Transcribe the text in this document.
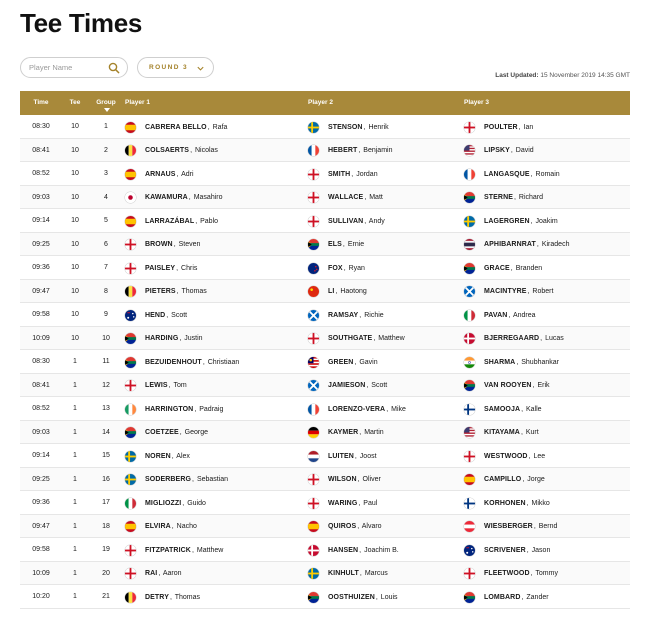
Tee Times
Player Name
ROUND 3
Last Updated: 15 November 2019 14:35 GMT
Time	Tee	Group Player 1	Player 2	Player 3
08:30	10	1	CABRERA BELLO, Rafa	STENSON, Henrik	POULTER, Ian
08:41	10	2	COLSAERTS, Nicolas	HEBERT, Benjamin	LIPSKY, David
08:52	10	3	ARNAUS, Adri	SMITH, Jordan	LANGASQUE, Romain
09:03	10	4	KAWAMURA, Masahiro	WALLACE, Matt	STERNE, Richard
09:14	10	5	LARRAZÁBAL, Pablo	SULLIVAN, Andy	LAGERGREN, Joakim
09:25	10	6	BROWN, Steven	ELS, Ernie	APHIBARNRAT, Kiradech
09:36	10	7	PAISLEY, Chris	FOX, Ryan	GRACE, Branden
09:47	10	8	PIETERS, Thomas	LI, Haotong	MACINTYRE, Robert
09:58	10	9	HEND, Scott	RAMSAY, Richie	PAVAN, Andrea
10:09	10	10	HARDING, Justin	SOUTHGATE, Matthew	BJERREGAARD, Lucas
08:30	1	11	BEZUIDENHOUT, Christiaan	GREEN, Gavin	SHARMA, Shubhankar
08:41	1	12	LEWIS, Tom	JAMIESON, Scott	VAN ROOYEN, Erik
08:52	1	13	HARRINGTON, Padraig	LORENZO-VERA, Mike	SAMOOJA, Kalle
09:03	1	14	COETZEE, George	KAYMER, Martin	KITAYAMA, Kurt
09:14	1	15	NOREN, Alex	LUITEN, Joost	WESTWOOD, Lee
09:25	1	16	SODERBERG, Sebastian	WILSON, Oliver	CAMPILLO, Jorge
09:36	1	17	MIGLIOZZI, Guido	WARING, Paul	KORHONEN, Mikko
09:47	1	18	ELVIRA, Nacho	QUIROS, Alvaro	WIESBERGER, Bernd
09:58	1	19	FITZPATRICK, Matthew	HANSEN, Joachim B.	SCRIVENER, Jason
10:09	1	20	RAI, Aaron	KINHULT, Marcus	FLEETWOOD, Tommy
10:20	1	21	DETRY, Thomas	OOSTHUIZEN, Louis	LOMBARD, Zander
